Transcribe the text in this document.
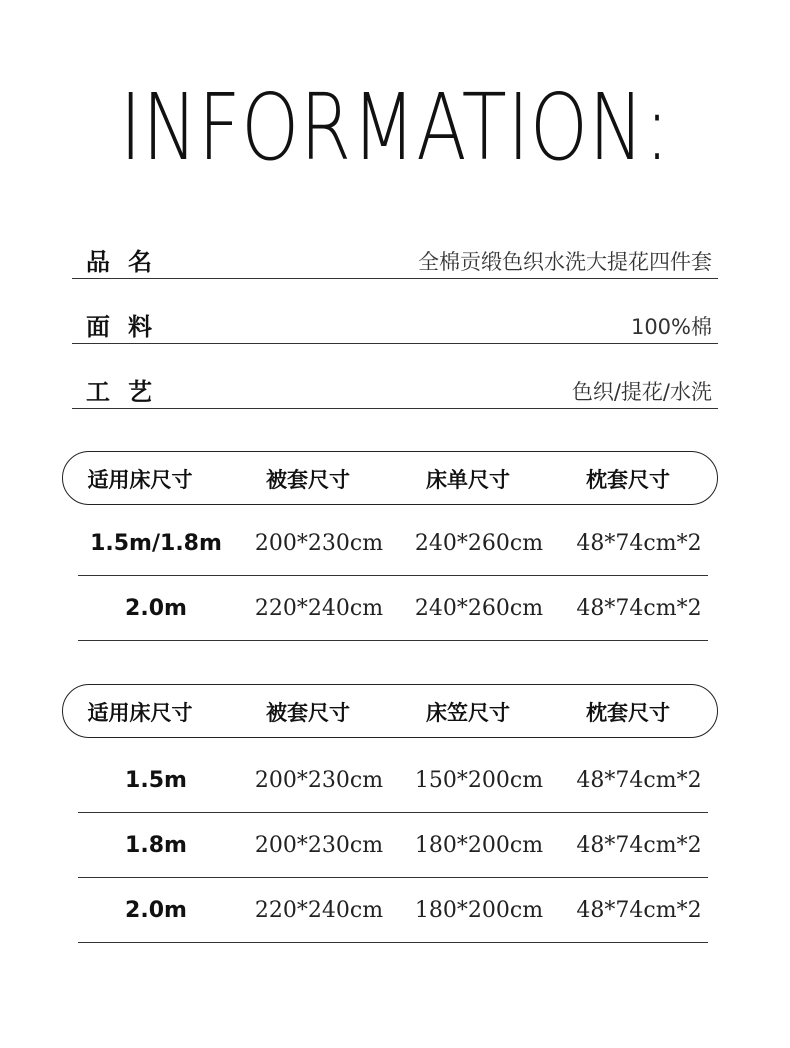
INFORMATION:
品名	全棉贡缎色织水洗大提花四件套
面料	100%棉
工艺	色织/提花/水洗
适用床尺寸	被套尺寸	床单尺寸	枕套尺寸
1.5m/1.8m	200*230cm	240*260cm	48*74cm*2
2.0m	220*240cm	240*260cm	48*74cm*2
适用床尺寸	被套尺寸	床笠尺寸	枕套尺寸
1.5m	200*230cm	150*200cm	48*74cm*2
1.8m	200*230cm	180*200cm	48*74cm*2
2.0m	220*240cm	180*200cm	48*74cm*2
